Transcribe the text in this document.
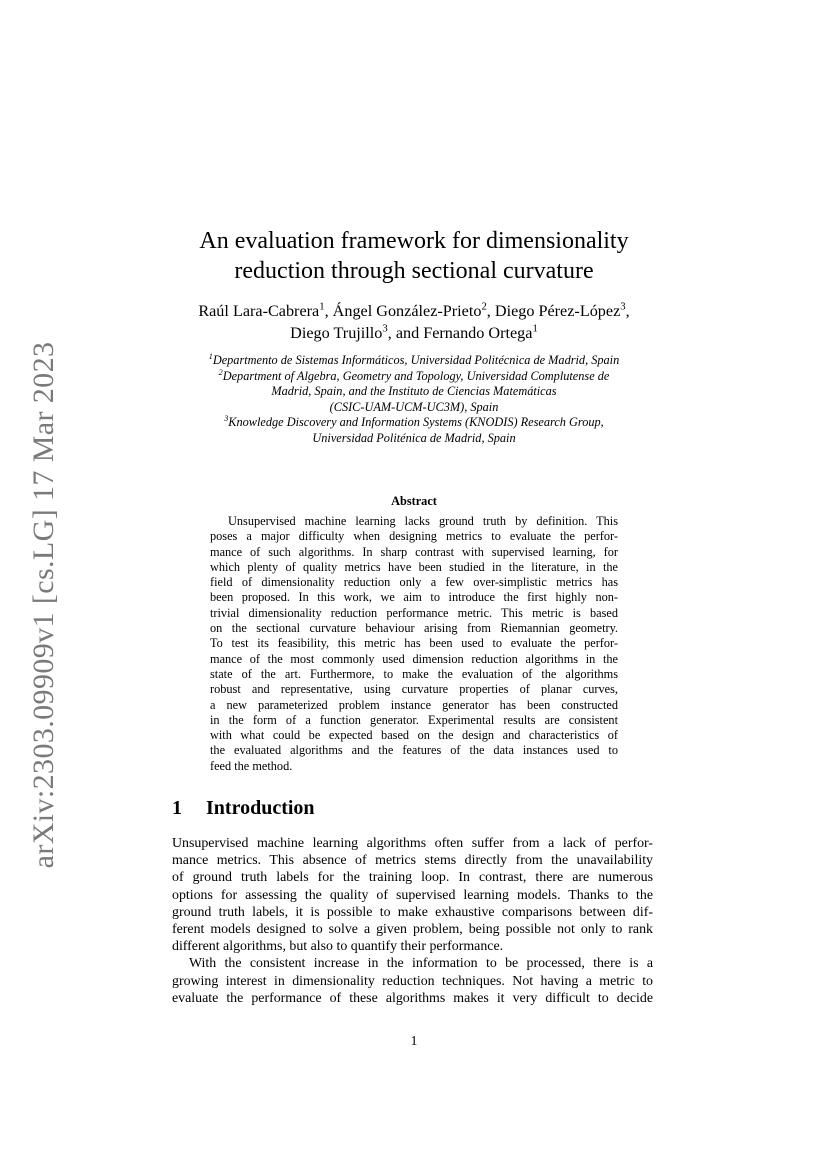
arXiv:2303.09909v1 [cs.LG] 17 Mar 2023
An evaluation framework for dimensionality
reduction through sectional curvature
Raúl Lara-Cabrera$^1$, Ángel González-Prieto$^2$, Diego Pérez-López$^3$,
Diego Trujillo$^3$, and Fernando Ortega$^1$
$^1$Departmento de Sistemas Informáticos, Universidad Politécnica de Madrid, Spain
$^2$Department of Algebra, Geometry and Topology, Universidad Complutense de
Madrid, Spain, and the Instituto de Ciencias Matemáticas
(CSIC-UAM-UCM-UC3M), Spain
$^3$Knowledge Discovery and Information Systems (KNODIS) Research Group,
Universidad Politénica de Madrid, Spain
Abstract
Unsupervised machine learning lacks ground truth by definition. This
poses a major difficulty when designing metrics to evaluate the perfor-
mance of such algorithms. In sharp contrast with supervised learning, for
which plenty of quality metrics have been studied in the literature, in the
field of dimensionality reduction only a few over-simplistic metrics has
been proposed. In this work, we aim to introduce the first highly non-
trivial dimensionality reduction performance metric. This metric is based
on the sectional curvature behaviour arising from Riemannian geometry.
To test its feasibility, this metric has been used to evaluate the perfor-
mance of the most commonly used dimension reduction algorithms in the
state of the art. Furthermore, to make the evaluation of the algorithms
robust and representative, using curvature properties of planar curves,
a new parameterized problem instance generator has been constructed
in the form of a function generator. Experimental results are consistent
with what could be expected based on the design and characteristics of
the evaluated algorithms and the features of the data instances used to
feed the method.
1 Introduction
Unsupervised machine learning algorithms often suffer from a lack of perfor-
mance metrics. This absence of metrics stems directly from the unavailability
of ground truth labels for the training loop. In contrast, there are numerous
options for assessing the quality of supervised learning models. Thanks to the
ground truth labels, it is possible to make exhaustive comparisons between dif-
ferent models designed to solve a given problem, being possible not only to rank
different algorithms, but also to quantify their performance.
With the consistent increase in the information to be processed, there is a
growing interest in dimensionality reduction techniques. Not having a metric to
evaluate the performance of these algorithms makes it very difficult to decide
1
